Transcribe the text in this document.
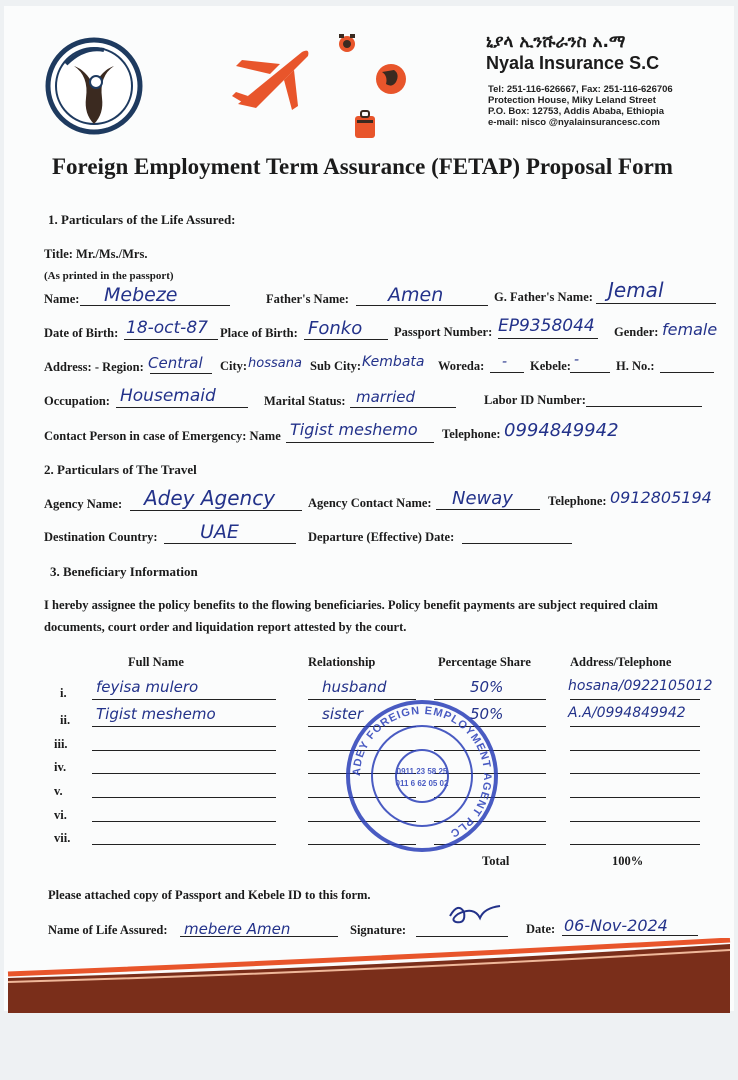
ኒያላ ኢንሹራንስ አ.ማ
Nyala Insurance S.C
Tel: 251-116-626667, Fax: 251-116-626706
Protection House, Miky Leland Street
P.O. Box: 12753, Addis Ababa, Ethiopia
e-mail: nisco @nyalainsurancesc.com
Foreign Employment Term Assurance (FETAP) Proposal Form
1. Particulars of the Life Assured:
Title: Mr./Ms./Mrs.
(As printed in the passport)
Name: Mebeze	Father's Name: Amen	G. Father's Name: Jemal
Date of Birth: 18-oct-87 Place of Birth: Fonko	Passport Number: EP9358044 Gender: female
Address: - Region: Central City: hossana Sub City: Kembata Woreda: - Kebele: -	H. No.:
Occupation: Housemaid	Marital Status: married	Labor ID Number:
Contact Person in case of Emergency: Name Tigist meshemo Telephone: 0994849942
2. Particulars of The Travel
Agency Name: Adey Agency	Agency Contact Name: Neway	Telephone: 0912805194
Destination Country: UAE	Departure (Effective) Date:
3. Beneficiary Information
I hereby assignee the policy benefits to the flowing beneficiaries. Policy benefit payments are subject required claim documents, court order and liquidation report attested by the court.
Full Name	Relationship	Percentage Share	Address/Telephone
i. feyisa mulero	husband	50%	hosana/0922105012
ii. Tigist meshemo	sister	50%	A.A/0994849942
iii.
iv.
v.
vi.
vii.
Total	100%
ADEY FOREIGN EMPLOYMENT AGENT PLC
0911 23 58 25
011 6 62 05 02
Please attached copy of Passport and Kebele ID to this form.
Name of Life Assured: mebere Amen	Signature:	Date: 06-Nov-2024
